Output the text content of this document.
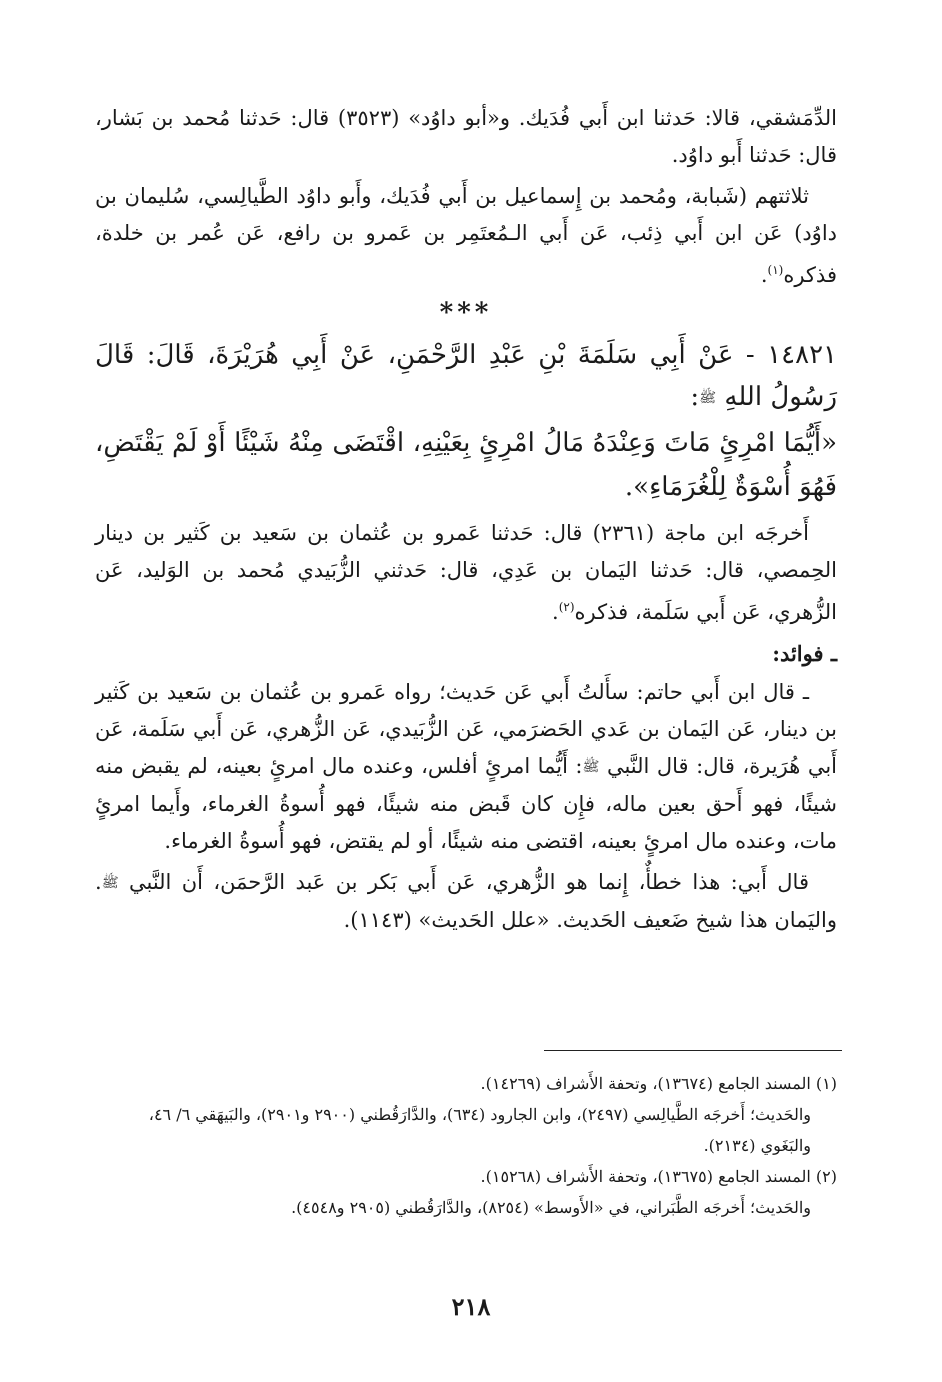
الدِّمَشقي، قالا: حَدثنا ابن أَبي فُدَيك. و«أبو داوُد» (٣٥٢٣) قال: حَدثنا مُحمد بن بَشار، قال: حَدثنا أَبو داوُد.

ثلاثتهم (شَبابة، ومُحمد بن إِسماعيل بن أَبي فُدَيك، وأَبو داوُد الطَّيالِسي، سُليمان بن داوُد) عَن ابن أَبي ذِئب، عَن أَبي الـمُعتَمِر بن عَمرو بن رافع، عَن عُمر بن خلدة، فذكره$^{(١)}$.

***

١٤٨٢١ - عَنْ أَبِي سَلَمَةَ بْنِ عَبْدِ الرَّحْمَنِ، عَنْ أَبِي هُرَيْرَةَ، قَالَ: قَالَ رَسُولُ اللهِ ﷺ:

«أَيُّمَا امْرِئٍ مَاتَ وَعِنْدَهُ مَالُ امْرِئٍ بِعَيْنِهِ، اقْتَضَى مِنْهُ شَيْئًا أَوْ لَمْ يَقْتَضِ، فَهُوَ أُسْوَةٌ لِلْغُرَمَاءِ».

أَخرجَه ابن ماجة (٢٣٦١) قال: حَدثنا عَمرو بن عُثمان بن سَعيد بن كَثير بن دينار الحِمصي، قال: حَدثنا اليَمان بن عَدِي، قال: حَدثني الزُّبَيدي مُحمد بن الوَليد، عَن الزُّهري، عَن أَبي سَلَمة، فذكره$^{(٢)}$.

ـ فوائد:

ـ قال ابن أَبي حاتم: سأَلتُ أَبي عَن حَديث؛ رواه عَمرو بن عُثمان بن سَعيد بن كَثير بن دينار، عَن اليَمان بن عَدي الحَضرَمي، عَن الزُّبَيدي، عَن الزُّهري، عَن أَبي سَلَمة، عَن أَبي هُرَيرة، قال: قال النَّبي ﷺ: أَيُّما امرئٍ أفلس، وعنده مال امرئٍ بعينه، لم يقبض منه شيئًا، فهو أَحق بعين ماله، فإِن كان قَبض منه شيئًا، فهو أُسوةُ الغرماء، وأَيما امرئٍ مات، وعنده مال امرئٍ بعينه، اقتضى منه شيئًا، أو لم يقتض، فهو أُسوةُ الغرماء.

قال أَبي: هذا خطأٌ، إِنما هو الزُّهري، عَن أَبي بَكر بن عَبد الرَّحمَن، أَن النَّبي ﷺ. واليَمان هذا شيخ ضَعيف الحَديث. «علل الحَديث» (١١٤٣).

(١) المسند الجامع (١٣٦٧٤)، وتحفة الأَشراف (١٤٢٦٩).

والحَديث؛ أَخرجَه الطَّيالِسي (٢٤٩٧)، وابن الجارود (٦٣٤)، والدَّارَقُطني (٢٩٠٠ و٢٩٠١)، والبَيهَقي ٦/ ٤٦، والبَغَوي (٢١٣٤).

(٢) المسند الجامع (١٣٦٧٥)، وتحفة الأَشراف (١٥٢٦٨).

والحَديث؛ أَخرجَه الطَّبَراني، في «الأَوسط» (٨٢٥٤)، والدَّارَقُطني (٢٩٠٥ و٤٥٤٨).

٢١٨
